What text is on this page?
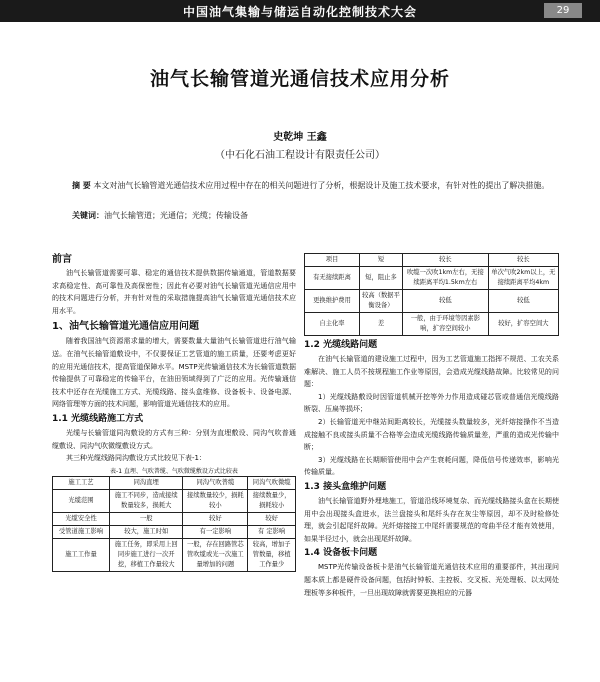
中国油气集输与储运自动化控制技术大会	29
油气长输管道光通信技术应用分析
史乾坤 王鑫
（中石化石油工程设计有限责任公司）
摘 要 本文对油气长输管道光通信技术应用过程中存在的相关问题进行了分析，根据设计及施工技术要求，有针对性的提出了解决措施。
关键词：油气长输管道；光通信；光缆；传输设备
前言

油气长输管道需要可靠、稳定的通信技术提供数据传输通道，管道数据要求高稳定性、高可靠性及高保密性；因此有必要对油气长输管道光通信应用中的技术问题进行分析，并有针对性的采取措施提高油气长输管道光通信技术应用水平。

1、油气长输管道光通信应用问题

随着我国油气资源需求量的增大，需要数量大量油气长输管道进行油气输送。在油气长输管道敷设中，不仅要保证工艺管道的施工质量，还要考虑更好的应用光通信技术，提高管道保障水平。MSTP光传输通信技术为长输管道数据传输提供了可靠稳定的传输平台，在油田领域得到了广泛的应用。光传输通信技术中还存在光缆施工方式、光缆线路、接头盒维修、设备板卡、设备电源、网络管理等方面的技术问题，影响管道光通信技术的应用。

1.1 光缆线路施工方式

光缆与长输管道同沟敷设的方式有三种：分别为直埋敷设、同沟气吹普通缆敷设、同沟气吹微缆敷设方式。

其三种光缆线路同沟敷设方式比较见下表-1：

表-1 直埋、气吹普缆、气吹微缆敷设方式比较表
施工工艺	同沟直埋	同沟气吹普缆	同沟气吹微缆
光缆范围	施工不同步，造成接续数量较多，损耗大	接续数量较少，损耗较小	接续数量少，损耗较小
光缆安全性	一般	较好	较好
受管道施工影响	较大，施工时如	有一定影响	有 定影响
施工工作量	施工任务，即采用上回同步施工进行一次开挖，移植工作量较大	一般，存在回路管芯管吹缆或光一次施工量增加的问题	较高，增加子管数量，移植工作量少
项目	短	较长	较长
有无接续距离	短，阻止多	吹缆一次吹1km左右，无接续距离平均1.5km左右	单次气吹2km以上，无接续距离平均4km
更换维护费用	较高（数据平衡设备）	较低	较低
自主化率	差	一般，由于环境等因素影响，扩容空间较小	较好，扩容空间大
1.2 光缆线路问题

在油气长输管道的建设施工过程中，因为工艺管道施工指挥不规范、工农关系难解决、施工人员不按规程施工作业等原因，会造成光缆线路故障。比较常见的问题：

1）光缆线路敷设时因管道机械开挖等外力作用造成碰芯管或普通信光缆线路断裂、压扁等损坏；

2）长输管道光中继站间距离较长，光缆接头数量较多，光纤熔接操作不当造成接触不良或接头质量不合格等会造成光缆线路传输质量差，严重的造成光传输中断；

3）光缆线路在长期顺管使用中会产生衰耗问题，降低信号传递效率，影响光传输质量。

1.3 接头盒维护问题

油气长输管道野外埋地施工，管道沿线环境复杂、而光缆线路接头盒在长期使用中会出现接头盒进水，法兰盘接头和尾纤头存在灰尘等原因，却不及时检修处理，就会引起尾纤故障。光纤熔接接工中尾纤需要规范的弯曲半径才能有效使用，如果半径过小，就会出现尾纤故障。

1.4 设备板卡问题

MSTP光传输设备板卡是油气长输管道光通信技术应用的重要部件，其出现问题本质上都是硬件设备问题，包括时钟板、主控板、交叉板、光处理板、以太网处理板等多种板件，一旦出现故障就需要更换相应的元器
